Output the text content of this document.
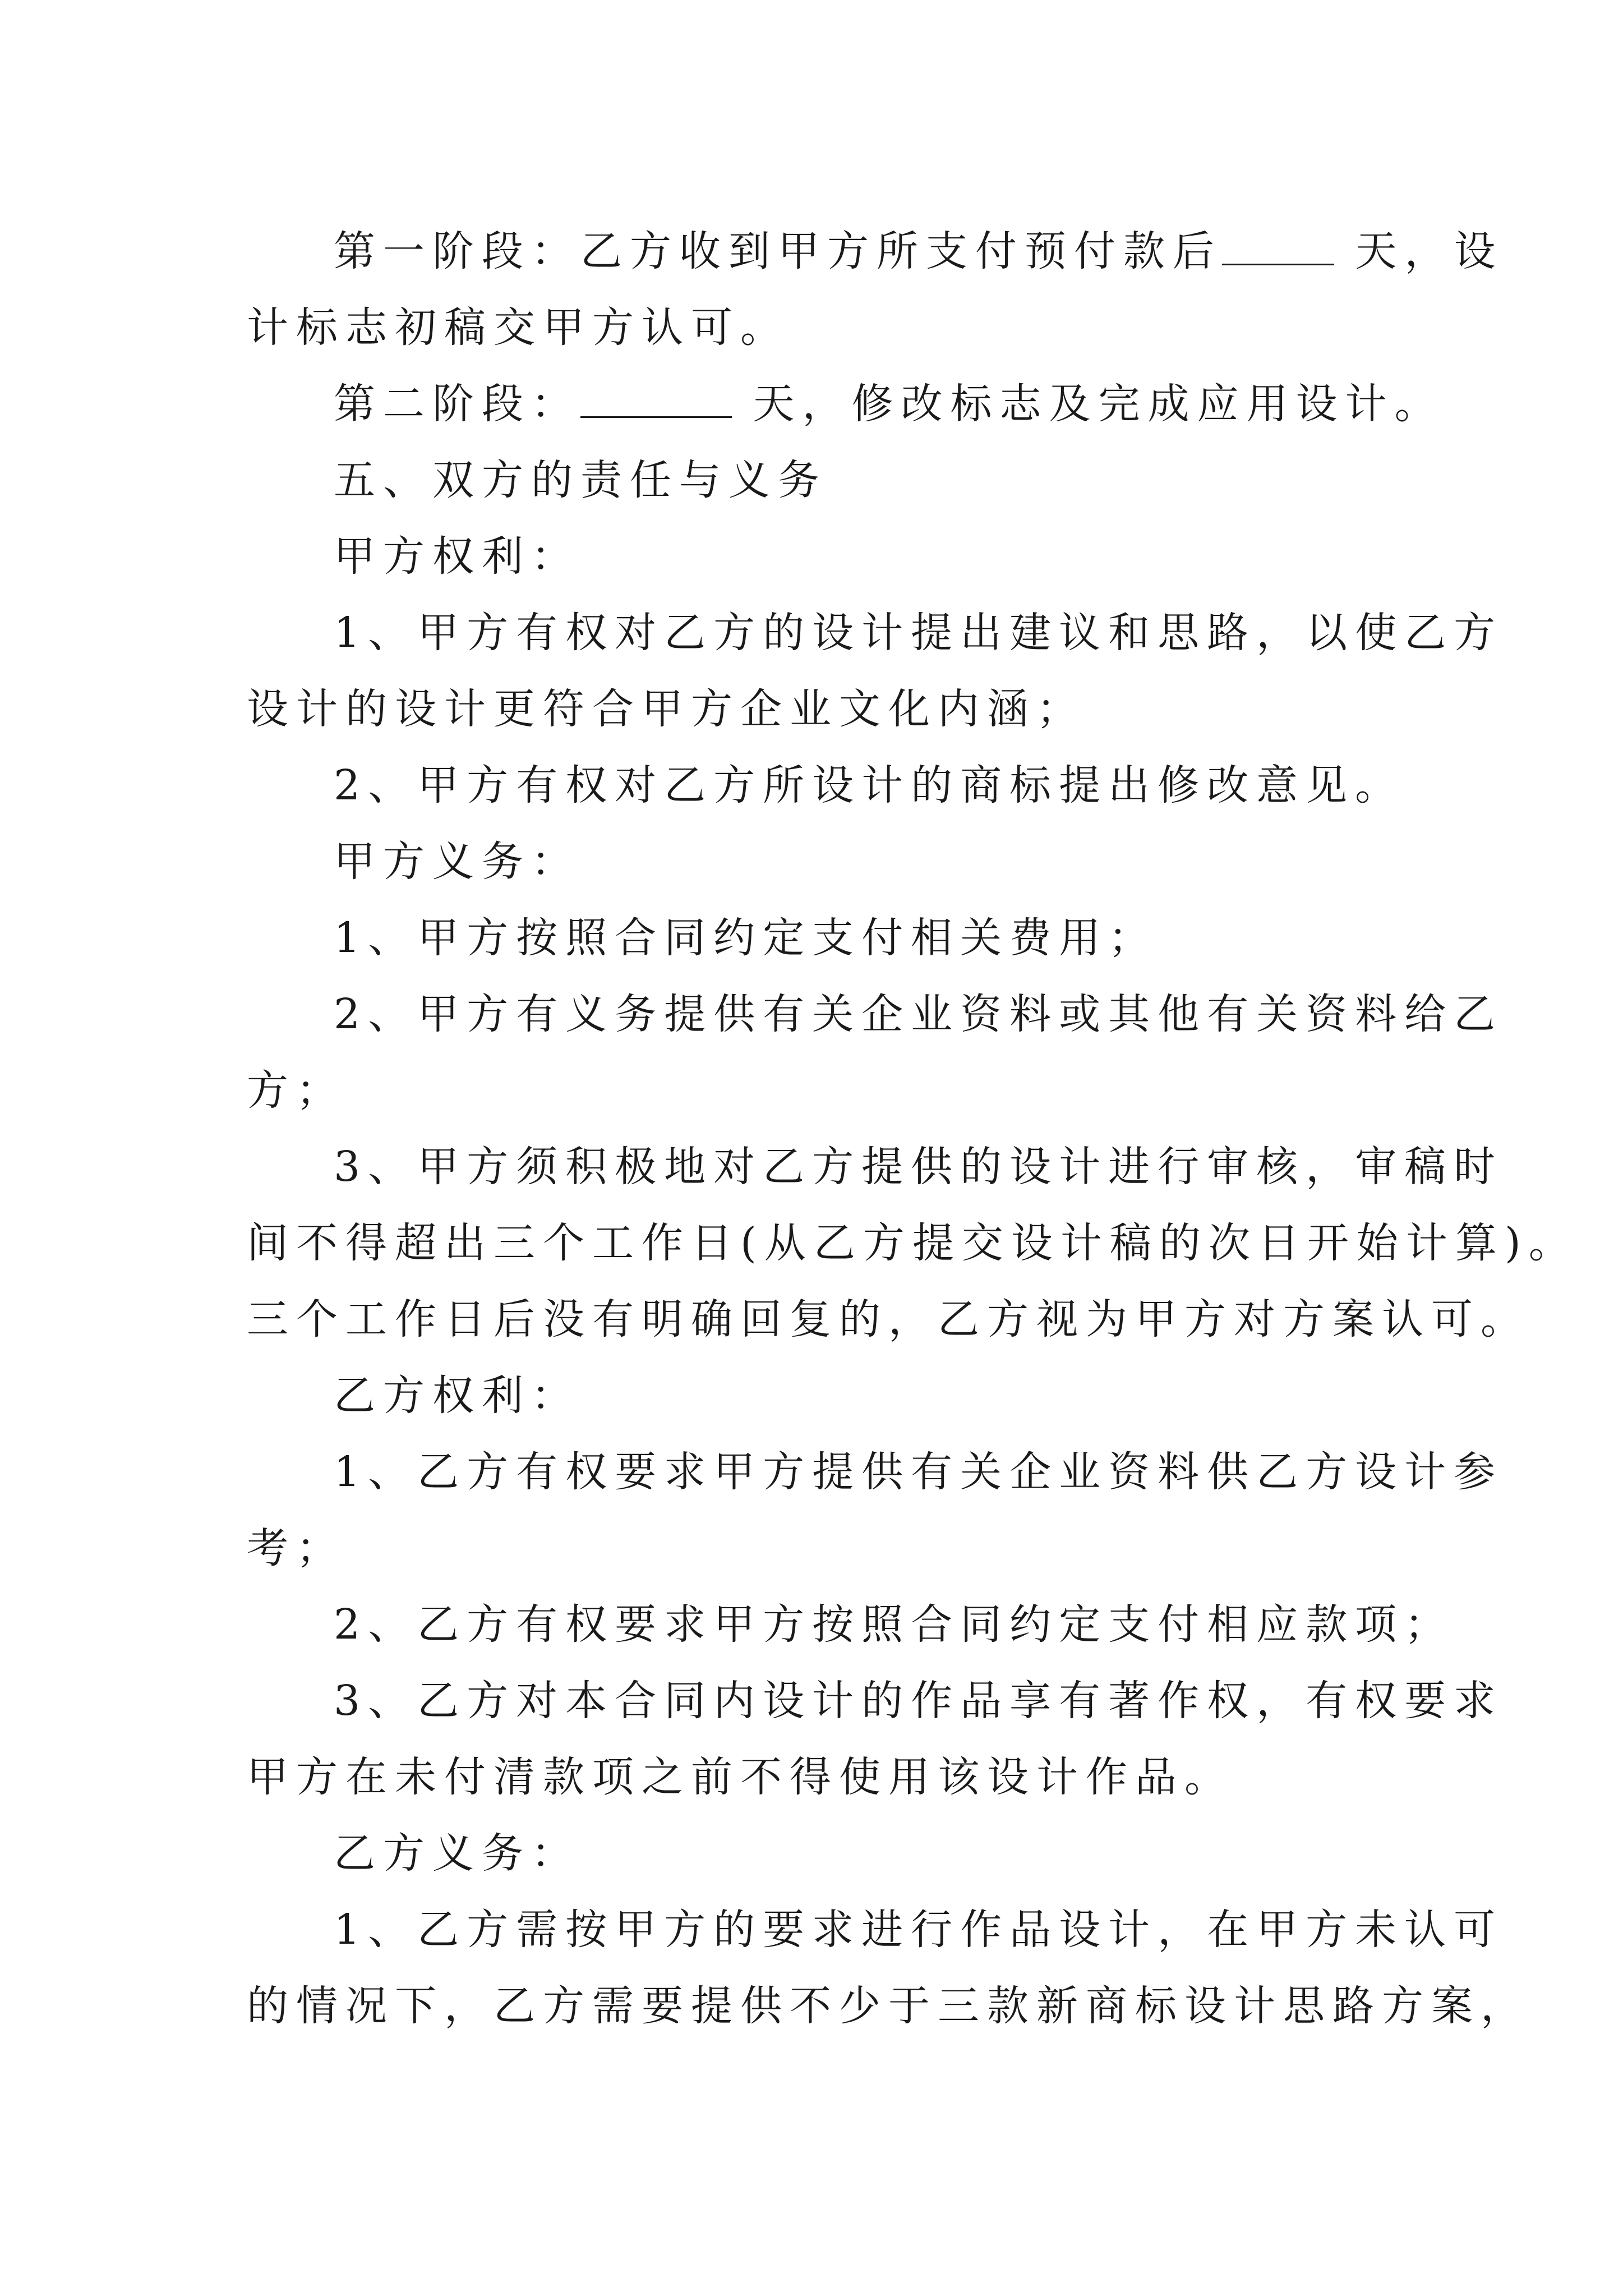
第一阶段：乙方收到甲方所支付预付款后	天，设

计标志初稿交甲方认可。

第二阶段：	天，修改标志及完成应用设计。

五、双方的责任与义务

甲方权利：

1、甲方有权对乙方的设计提出建议和思路，以使乙方

设计的设计更符合甲方企业文化内涵；

2、甲方有权对乙方所设计的商标提出修改意见。

甲方义务：

1、甲方按照合同约定支付相关费用；

2、甲方有义务提供有关企业资料或其他有关资料给乙

方；

3、甲方须积极地对乙方提供的设计进行审核，审稿时

间不得超出三个工作日(从乙方提交设计稿的次日开始计算)。

三个工作日后没有明确回复的，乙方视为甲方对方案认可。

乙方权利：

1、乙方有权要求甲方提供有关企业资料供乙方设计参

考；

2、乙方有权要求甲方按照合同约定支付相应款项；

3、乙方对本合同内设计的作品享有著作权，有权要求

甲方在未付清款项之前不得使用该设计作品。

乙方义务：

1、乙方需按甲方的要求进行作品设计，在甲方未认可

的情况下，乙方需要提供不少于三款新商标设计思路方案，
